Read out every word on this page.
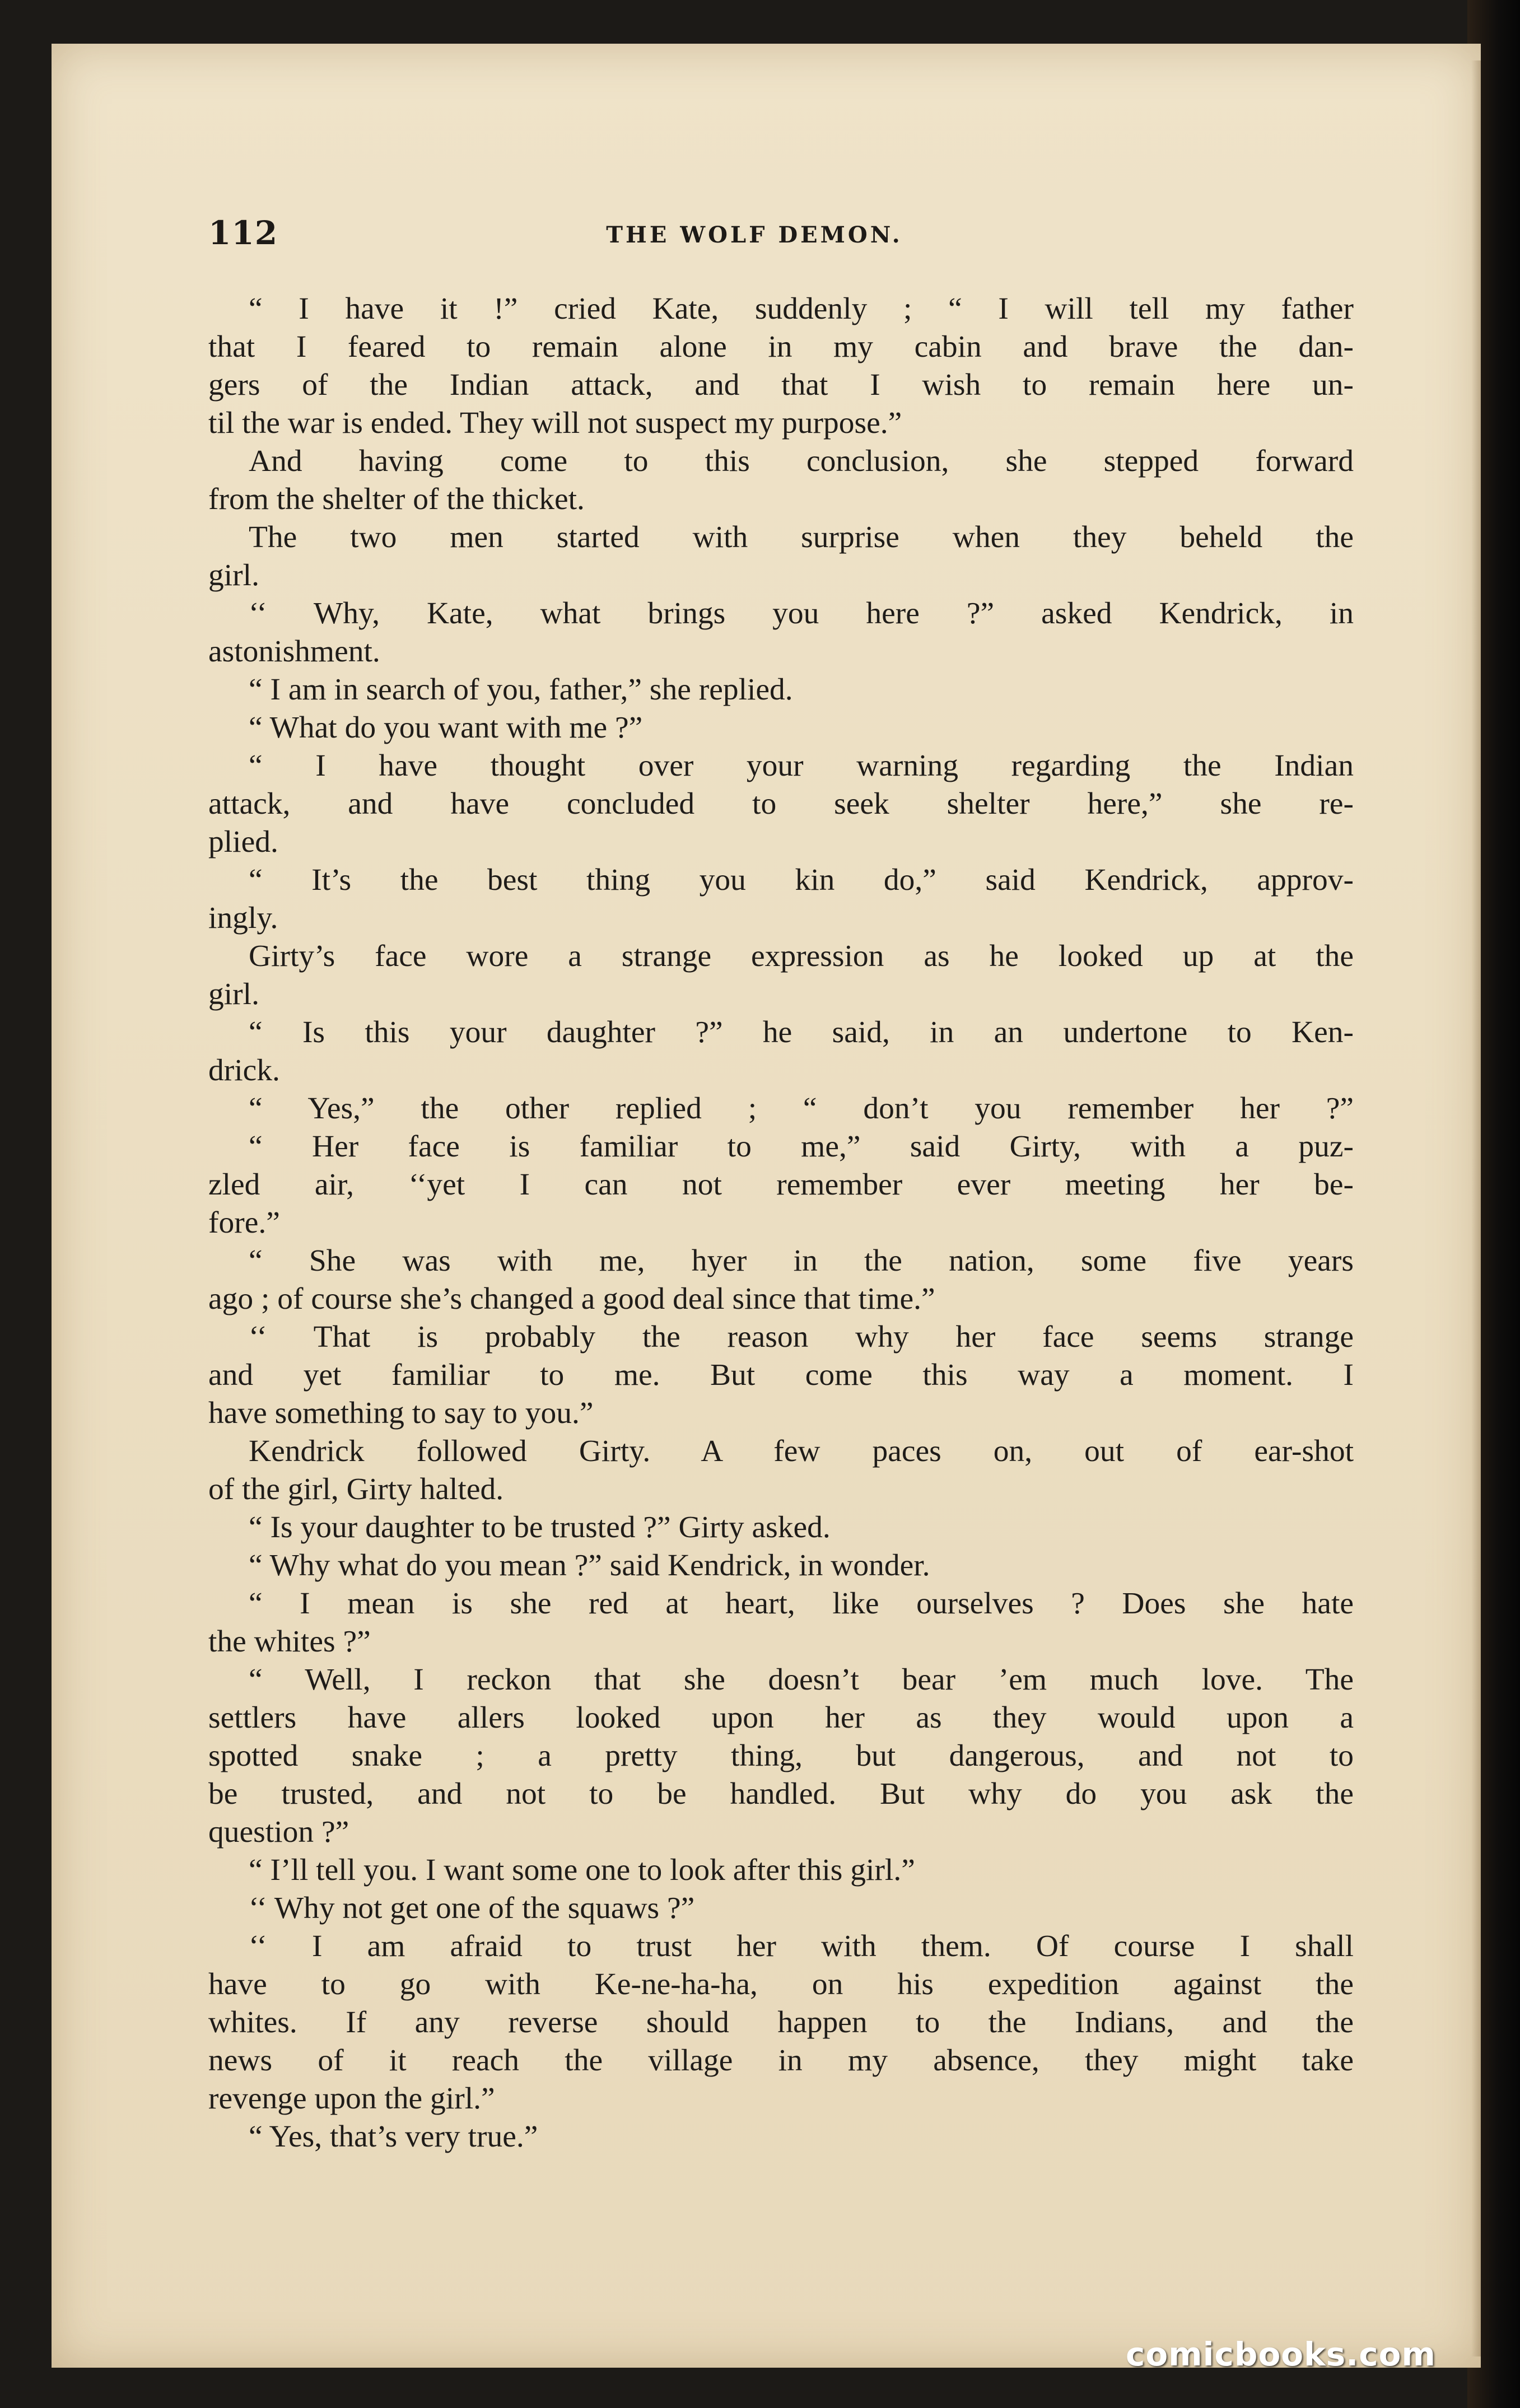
112	THE WOLF DEMON.
“ I have it !” cried Kate, suddenly ; “ I will tell my father
that I feared to remain alone in my cabin and brave the dan-
gers of the Indian attack, and that I wish to remain here un-
til the war is ended. They will not suspect my purpose.”
And having come to this conclusion, she stepped forward
from the shelter of the thicket.
The two men started with surprise when they beheld the
girl.
‘‘ Why, Kate, what brings you here ?” asked Kendrick, in
astonishment.
“ I am in search of you, father,” she replied.
“ What do you want with me ?”
“ I have thought over your warning regarding the Indian
attack, and have concluded to seek shelter here,” she re-
plied.
“ It’s the best thing you kin do,” said Kendrick, approv-
ingly.
Girty’s face wore a strange expression as he looked up at the
girl.
“ Is this your daughter ?” he said, in an undertone to Ken-
drick.
“ Yes,” the other replied ; “ don’t you remember her ?”
“ Her face is familiar to me,” said Girty, with a puz-
zled air, ‘‘yet I can not remember ever meeting her be-
fore.”
“ She was with me, hyer in the nation, some five years
ago ; of course she’s changed a good deal since that time.”
‘‘ That is probably the reason why her face seems strange
and yet familiar to me. But come this way a moment. I
have something to say to you.”
Kendrick followed Girty. A few paces on, out of ear-shot
of the girl, Girty halted.
“ Is your daughter to be trusted ?” Girty asked.
“ Why what do you mean ?” said Kendrick, in wonder.
“ I mean is she red at heart, like ourselves ? Does she hate
the whites ?”
“ Well, I reckon that she doesn’t bear ’em much love. The
settlers have allers looked upon her as they would upon a
spotted snake ; a pretty thing, but dangerous, and not to
be trusted, and not to be handled. But why do you ask the
question ?”
“ I’ll tell you. I want some one to look after this girl.”
‘‘ Why not get one of the squaws ?”
‘‘ I am afraid to trust her with them. Of course I shall
have to go with Ke-ne-ha-ha, on his expedition against the
whites. If any reverse should happen to the Indians, and the
news of it reach the village in my absence, they might take
revenge upon the girl.”
“ Yes, that’s very true.”
comicbooks.com
